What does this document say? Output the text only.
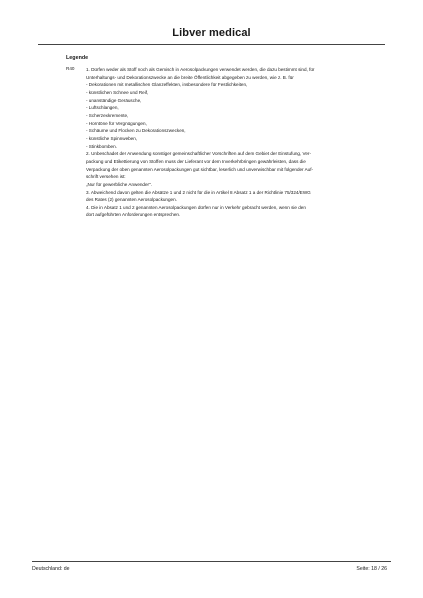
Libver medical
Legende
R40	1. Dürfen weder als Stoff noch als Gemisch in Aerosolpackungen verwendet werden, die dazu bestimmt sind, für
Unterhaltungs- und Dekorationszwecke an die breite Öffentlichkeit abgegeben zu werden, wie z. B. für
- Dekorationen mit metallischen Glanzeffekten, insbesondere für Festlichkeiten,
- künstlichen Schnee und Reif,
- unanständige Geräusche,
- Luftschlangen,
- Scherzexkremente,
- Horntöne für Vergnügungen,
- Schäume und Flocken zu Dekorationszwecken,
- künstliche Spinnweben,
- Stinkbomben.
2. Unbeschadet der Anwendung sonstiger gemeinschaftlicher Vorschriften auf dem Gebiet der Einstufung, Ver-
packung und Etikettierung von Stoffen muss der Lieferant vor dem Inverkehrbringen gewährleisten, dass die
Verpackung der oben genannten Aerosolpackungen gut sichtbar, leserlich und unverwischbar mit folgender Auf-
schrift versehen ist:
„Nur für gewerbliche Anwender".
3. Abweichend davon gelten die Absätze 1 und 2 nicht für die in Artikel 8 Absatz 1 a der Richtlinie 75/324/EWG
des Rates (2) genannten Aerosolpackungen.
4. Die in Absatz 1 und 2 genannten Aerosolpackungen dürfen nur in Verkehr gebracht werden, wenn sie den
dort aufgeführten Anforderungen entsprechen.
Deutschland: de	Seite: 18 / 26
